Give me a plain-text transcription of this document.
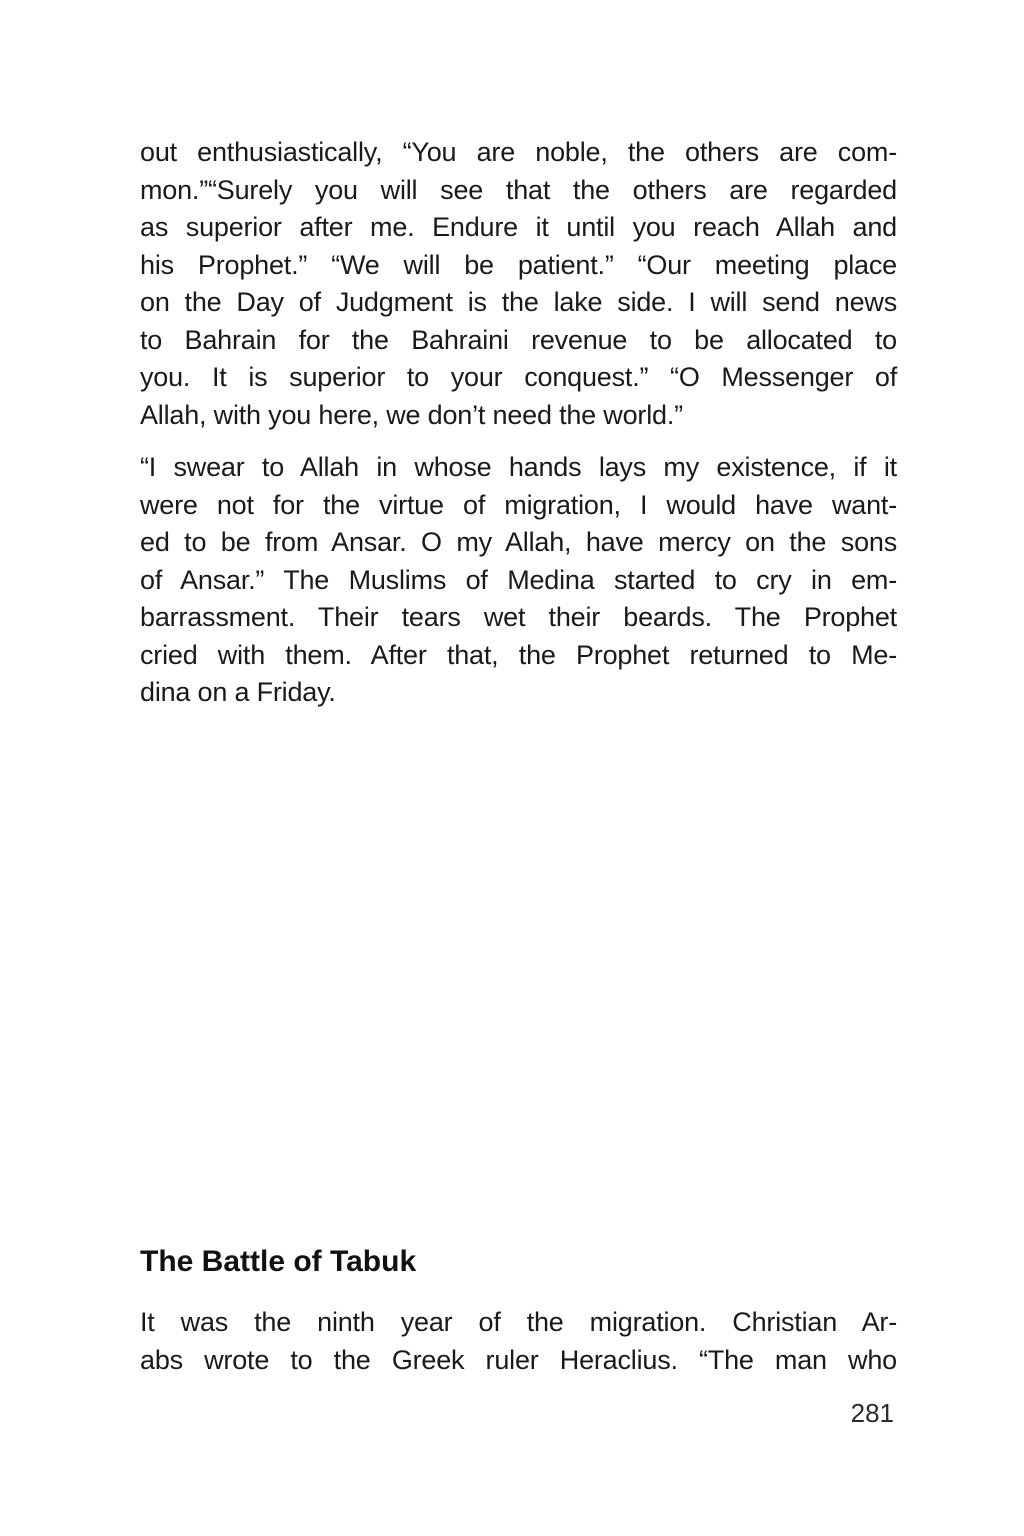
out enthusiastically, “You are noble, the others are com-
mon.”“Surely you will see that the others are regarded
as superior after me. Endure it until you reach Allah and
his Prophet.” “We will be patient.” “Our meeting place
on the Day of Judgment is the lake side. I will send news
to Bahrain for the Bahraini revenue to be allocated to
you. It is superior to your conquest.” “O Messenger of
Allah, with you here, we don’t need the world.”
“I swear to Allah in whose hands lays my existence, if it
were not for the virtue of migration, I would have want-
ed to be from Ansar. O my Allah, have mercy on the sons
of Ansar.” The Muslims of Medina started to cry in em-
barrassment. Their tears wet their beards. The Prophet
cried with them. After that, the Prophet returned to Me-
dina on a Friday.
The Battle of Tabuk
It was the ninth year of the migration. Christian Ar-
abs wrote to the Greek ruler Heraclius. “The man who
281
